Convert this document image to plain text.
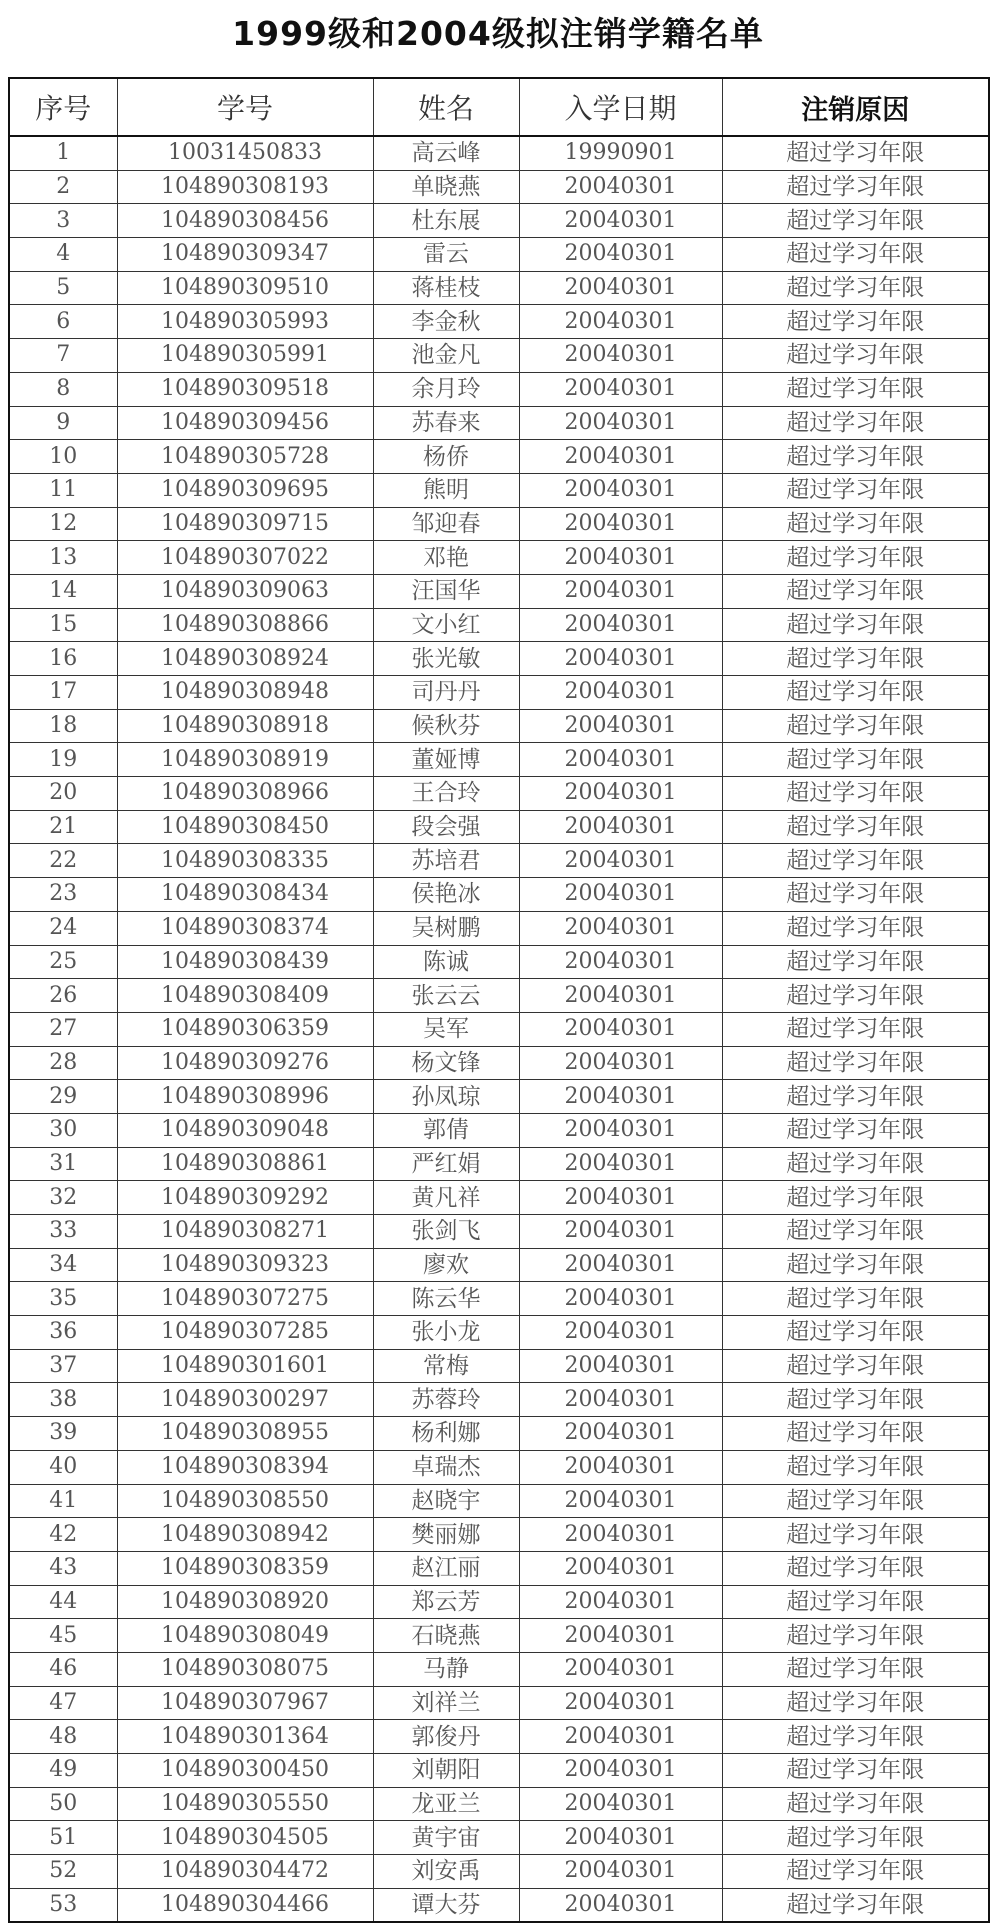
1999级和2004级拟注销学籍名单
序号	学号	姓名	入学日期	注销原因
1	10031450833	高云峰	19990901	超过学习年限
2	104890308193	单晓燕	20040301	超过学习年限
3	104890308456	杜东展	20040301	超过学习年限
4	104890309347	雷云	20040301	超过学习年限
5	104890309510	蒋桂枝	20040301	超过学习年限
6	104890305993	李金秋	20040301	超过学习年限
7	104890305991	池金凡	20040301	超过学习年限
8	104890309518	余月玲	20040301	超过学习年限
9	104890309456	苏春来	20040301	超过学习年限
10	104890305728	杨侨	20040301	超过学习年限
11	104890309695	熊明	20040301	超过学习年限
12	104890309715	邹迎春	20040301	超过学习年限
13	104890307022	邓艳	20040301	超过学习年限
14	104890309063	汪国华	20040301	超过学习年限
15	104890308866	文小红	20040301	超过学习年限
16	104890308924	张光敏	20040301	超过学习年限
17	104890308948	司丹丹	20040301	超过学习年限
18	104890308918	候秋芬	20040301	超过学习年限
19	104890308919	董娅博	20040301	超过学习年限
20	104890308966	王合玲	20040301	超过学习年限
21	104890308450	段会强	20040301	超过学习年限
22	104890308335	苏培君	20040301	超过学习年限
23	104890308434	侯艳冰	20040301	超过学习年限
24	104890308374	吴树鹏	20040301	超过学习年限
25	104890308439	陈诚	20040301	超过学习年限
26	104890308409	张云云	20040301	超过学习年限
27	104890306359	吴军	20040301	超过学习年限
28	104890309276	杨文锋	20040301	超过学习年限
29	104890308996	孙凤琼	20040301	超过学习年限
30	104890309048	郭倩	20040301	超过学习年限
31	104890308861	严红娟	20040301	超过学习年限
32	104890309292	黄凡祥	20040301	超过学习年限
33	104890308271	张剑飞	20040301	超过学习年限
34	104890309323	廖欢	20040301	超过学习年限
35	104890307275	陈云华	20040301	超过学习年限
36	104890307285	张小龙	20040301	超过学习年限
37	104890301601	常梅	20040301	超过学习年限
38	104890300297	苏蓉玲	20040301	超过学习年限
39	104890308955	杨利娜	20040301	超过学习年限
40	104890308394	卓瑞杰	20040301	超过学习年限
41	104890308550	赵晓宇	20040301	超过学习年限
42	104890308942	樊丽娜	20040301	超过学习年限
43	104890308359	赵江丽	20040301	超过学习年限
44	104890308920	郑云芳	20040301	超过学习年限
45	104890308049	石晓燕	20040301	超过学习年限
46	104890308075	马静	20040301	超过学习年限
47	104890307967	刘祥兰	20040301	超过学习年限
48	104890301364	郭俊丹	20040301	超过学习年限
49	104890300450	刘朝阳	20040301	超过学习年限
50	104890305550	龙亚兰	20040301	超过学习年限
51	104890304505	黄宇宙	20040301	超过学习年限
52	104890304472	刘安禹	20040301	超过学习年限
53	104890304466	谭大芬	20040301	超过学习年限
